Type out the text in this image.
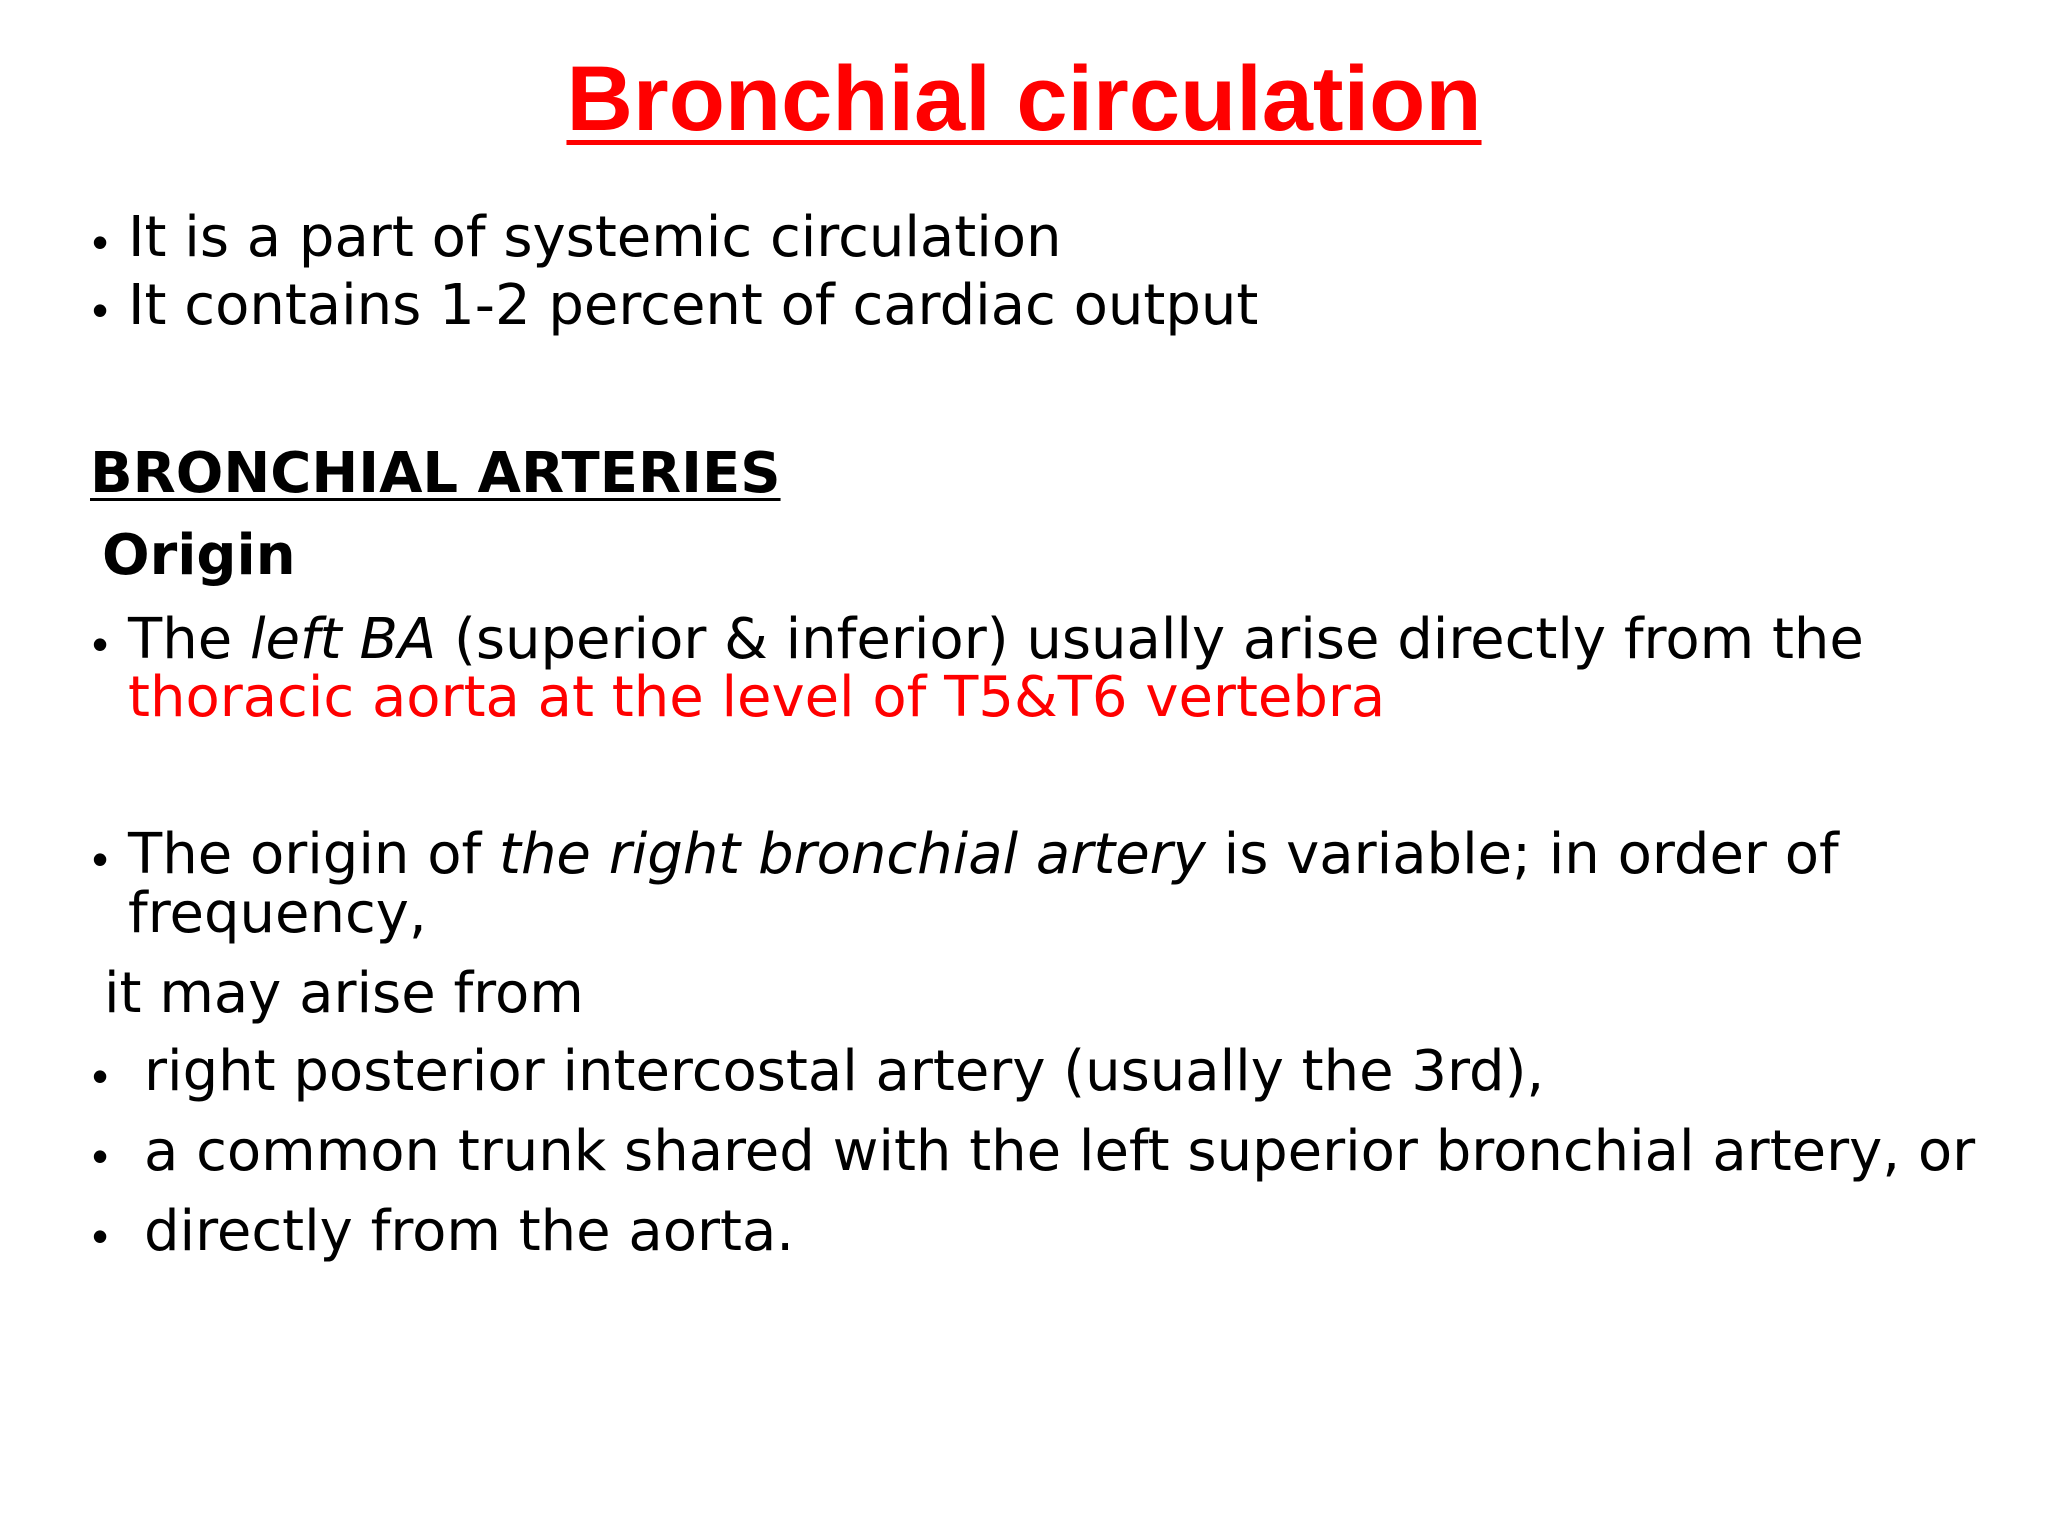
Bronchial circulation
• It is a part of systemic circulation
• It contains 1-2 percent of cardiac output
BRONCHIAL ARTERIES
Origin
• The left BA (superior & inferior) usually arise directly from the
thoracic aorta at the level of T5&T6 vertebra
• The origin of the right bronchial artery is variable; in order of
frequency,
it may arise from
• right posterior intercostal artery (usually the 3rd),
• a common trunk shared with the left superior bronchial artery, or
• directly from the aorta.
